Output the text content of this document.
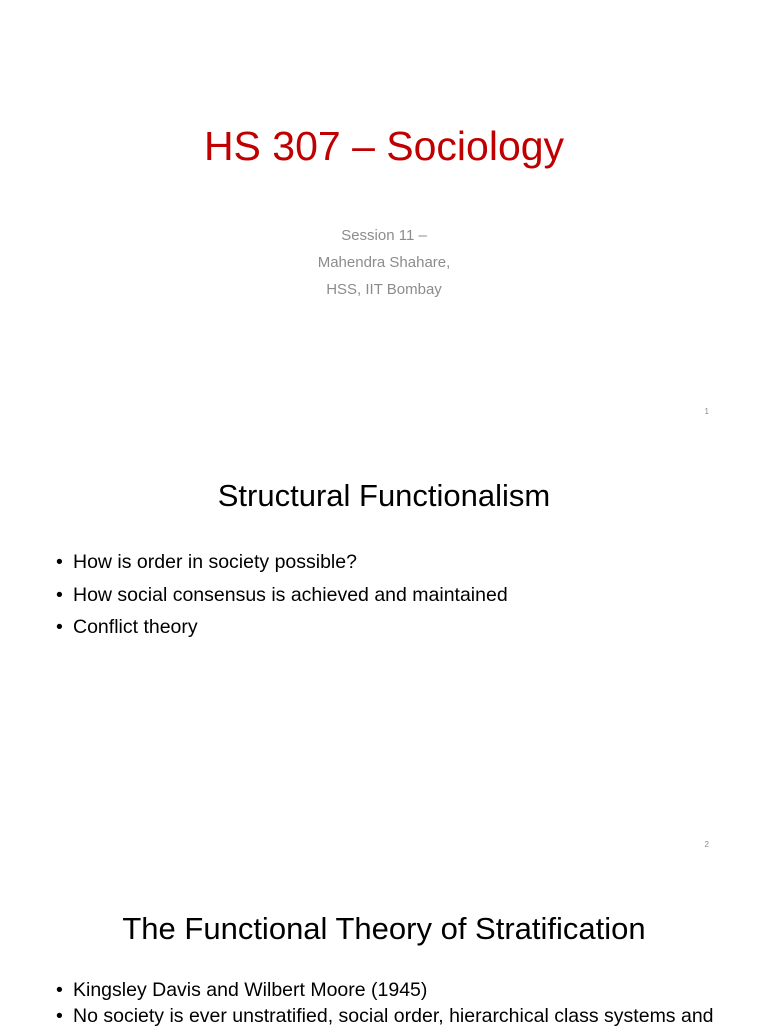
HS 307 – Sociology
Session 11 –
Mahendra Shahare,
HSS, IIT Bombay
1
Structural Functionalism
• How is order in society possible?
• How social consensus is achieved and maintained
• Conflict theory
2
The Functional Theory of Stratification
• Kingsley Davis and Wilbert Moore (1945)
• No society is ever unstratified, social order, hierarchical class systems and
